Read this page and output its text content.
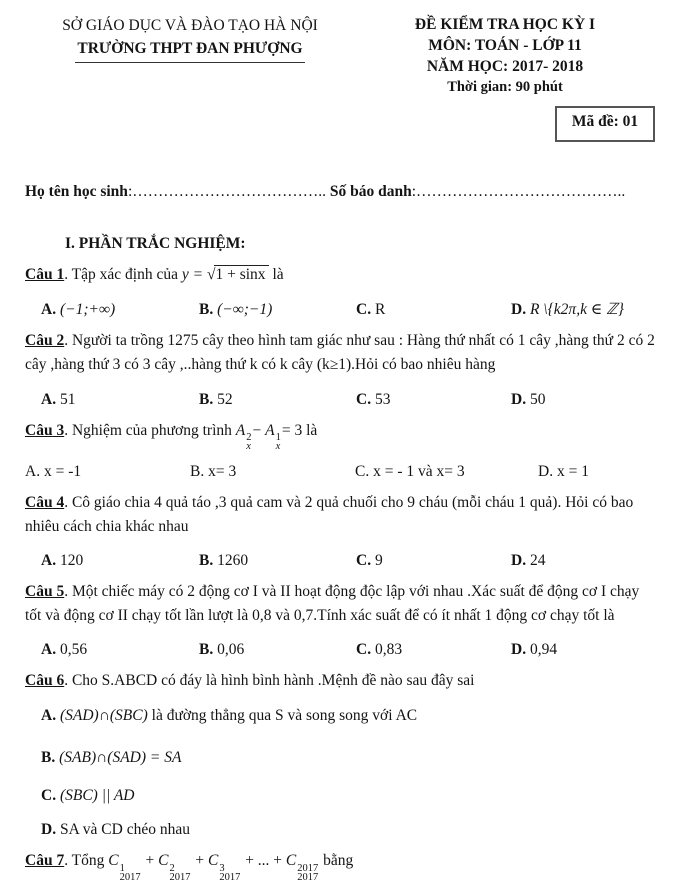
SỞ GIÁO DỤC VÀ ĐÀO TẠO HÀ NỘI
TRƯỜNG THPT ĐAN PHƯỢNG
ĐỀ KIỂM TRA HỌC KỲ I
MÔN: TOÁN - LỚP 11
NĂM HỌC: 2017- 2018
Thời gian: 90 phút
Mã đề: 01
Họ tên học sinh:……………………………….. Số báo danh:…………………………………..
I. PHẦN TRẮC NGHIỆM:
Câu 1. Tập xác định của y = √1 + sinx là
A. (−1;+∞)	B. (−∞;−1)	C. R	D. R \{k2π,k ∈ ℤ}
Câu 2. Người ta trồng 1275 cây theo hình tam giác như sau : Hàng thứ nhất có 1 cây ,hàng thứ 2 có 2 cây ,hàng thứ 3 có 3 cây ,..hàng thứ k có k cây (k≥1).Hỏi có bao nhiêu hàng
A. 51	B. 52	C. 53	D. 50
Câu 3. Nghiệm của phương trình A 2
x
− A 1
x
= 3 là
A. x = -1	B. x= 3	C. x = - 1 và x= 3	D. x = 1
Câu 4. Cô giáo chia 4 quả táo ,3 quả cam và 2 quả chuối cho 9 cháu (mỗi cháu 1 quả). Hỏi có bao nhiêu cách chia khác nhau
A. 120	B. 1260	C. 9	D. 24
Câu 5. Một chiếc máy có 2 động cơ I và II hoạt động độc lập với nhau .Xác suất để động cơ I chạy tốt và động cơ II chạy tốt lần lượt là 0,8 và 0,7.Tính xác suất để có ít nhất 1 động cơ chạy tốt là
A. 0,56	B. 0,06	C. 0,83	D. 0,94
Câu 6. Cho S.ABCD có đáy là hình bình hành .Mệnh đề nào sau đây sai
A. (SAD)∩(SBC) là đường thẳng qua S và song song với AC
B. (SAB)∩(SAD) = SA
C. (SBC) || AD
D. SA và CD chéo nhau
Câu 7. Tổng C 1
2017
+ C 2
2017
+ C 3
2017
+ ... + C 2017
2017
bằng
